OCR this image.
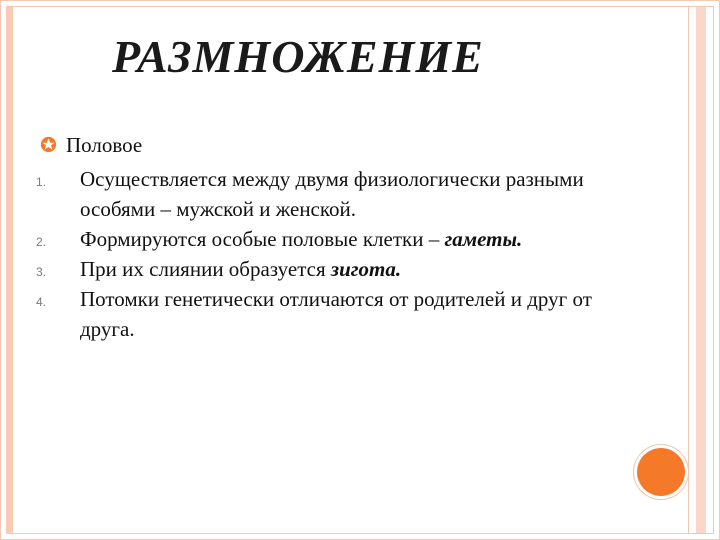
РАЗМНОЖЕНИЕ
Половое
1. Осуществляется между двумя физиологически разными особями – мужской и женской.
2. Формируются особые половые клетки – гаметы.
3. При их слиянии образуется зигота.
4. Потомки генетически отличаются от родителей и друг от друга.
